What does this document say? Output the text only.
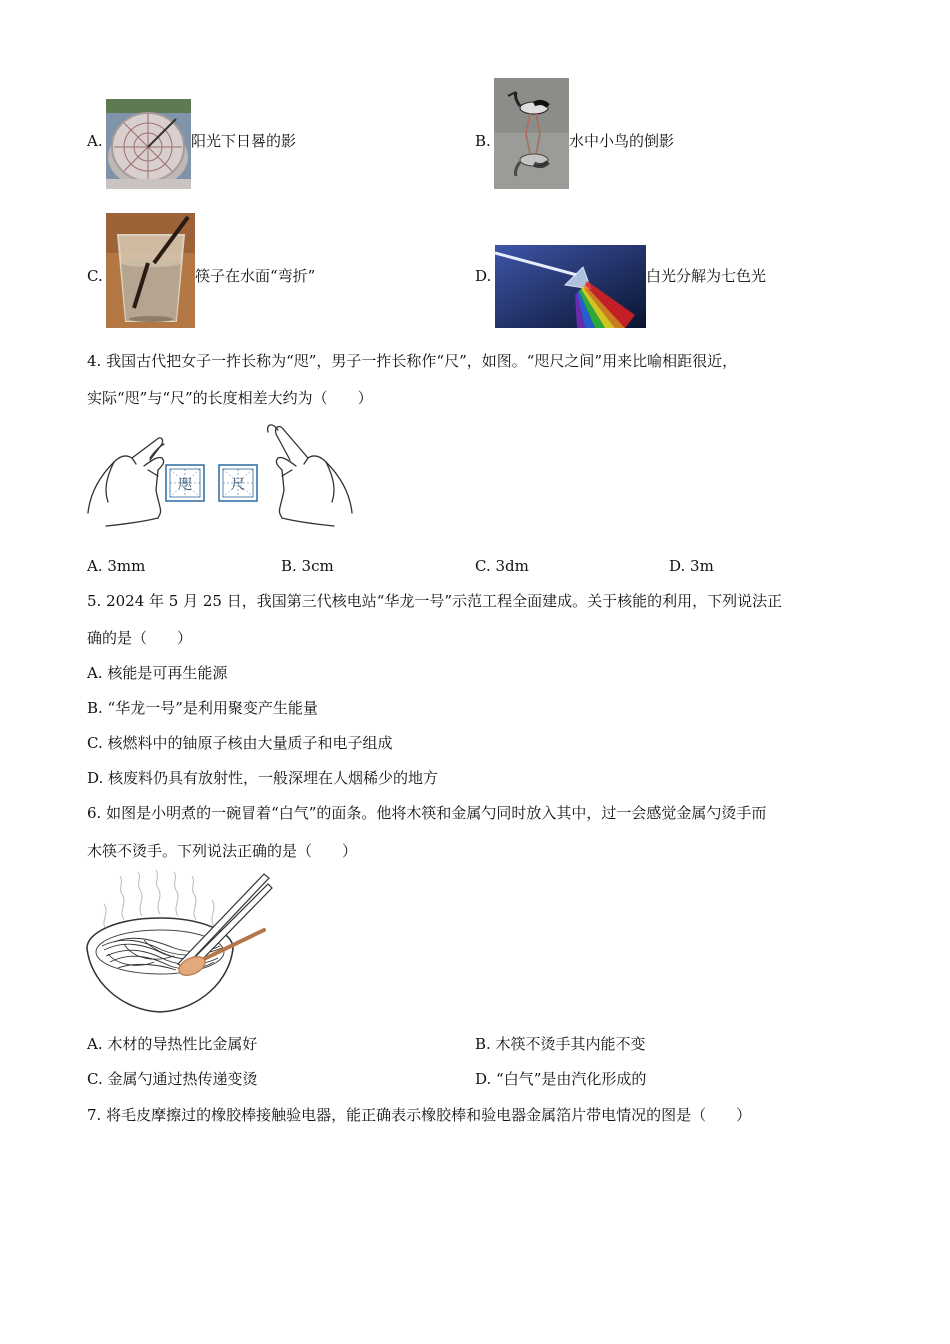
A.	阳光下日晷的影	B.	水中小鸟的倒影
C.	筷子在水面“弯折”	D.	白光分解为七色光
4. 我国古代把女子一拃长称为“咫”，男子一拃长称作“尺”，如图。“咫尺之间”用来比喻相距很近，
实际“咫”与“尺”的长度相差大约为（　　）
咫	尺
A. 3mm	B. 3cm	C. 3dm	D. 3m
5. 2024 年 5 月 25 日，我国第三代核电站“华龙一号”示范工程全面建成。关于核能的利用，下列说法正
确的是（　　）
A. 核能是可再生能源
B. “华龙一号”是利用聚变产生能量
C. 核燃料中的铀原子核由大量质子和电子组成
D. 核废料仍具有放射性，一般深埋在人烟稀少的地方
6. 如图是小明煮的一碗冒着“白气”的面条。他将木筷和金属勺同时放入其中，过一会感觉金属勺烫手而
木筷不烫手。下列说法正确的是（　　）
A. 木材的导热性比金属好	B. 木筷不烫手其内能不变
C. 金属勺通过热传递变烫	D. “白气”是由汽化形成的
7. 将毛皮摩擦过的橡胶棒接触验电器，能正确表示橡胶棒和验电器金属箔片带电情况的图是（　　）
